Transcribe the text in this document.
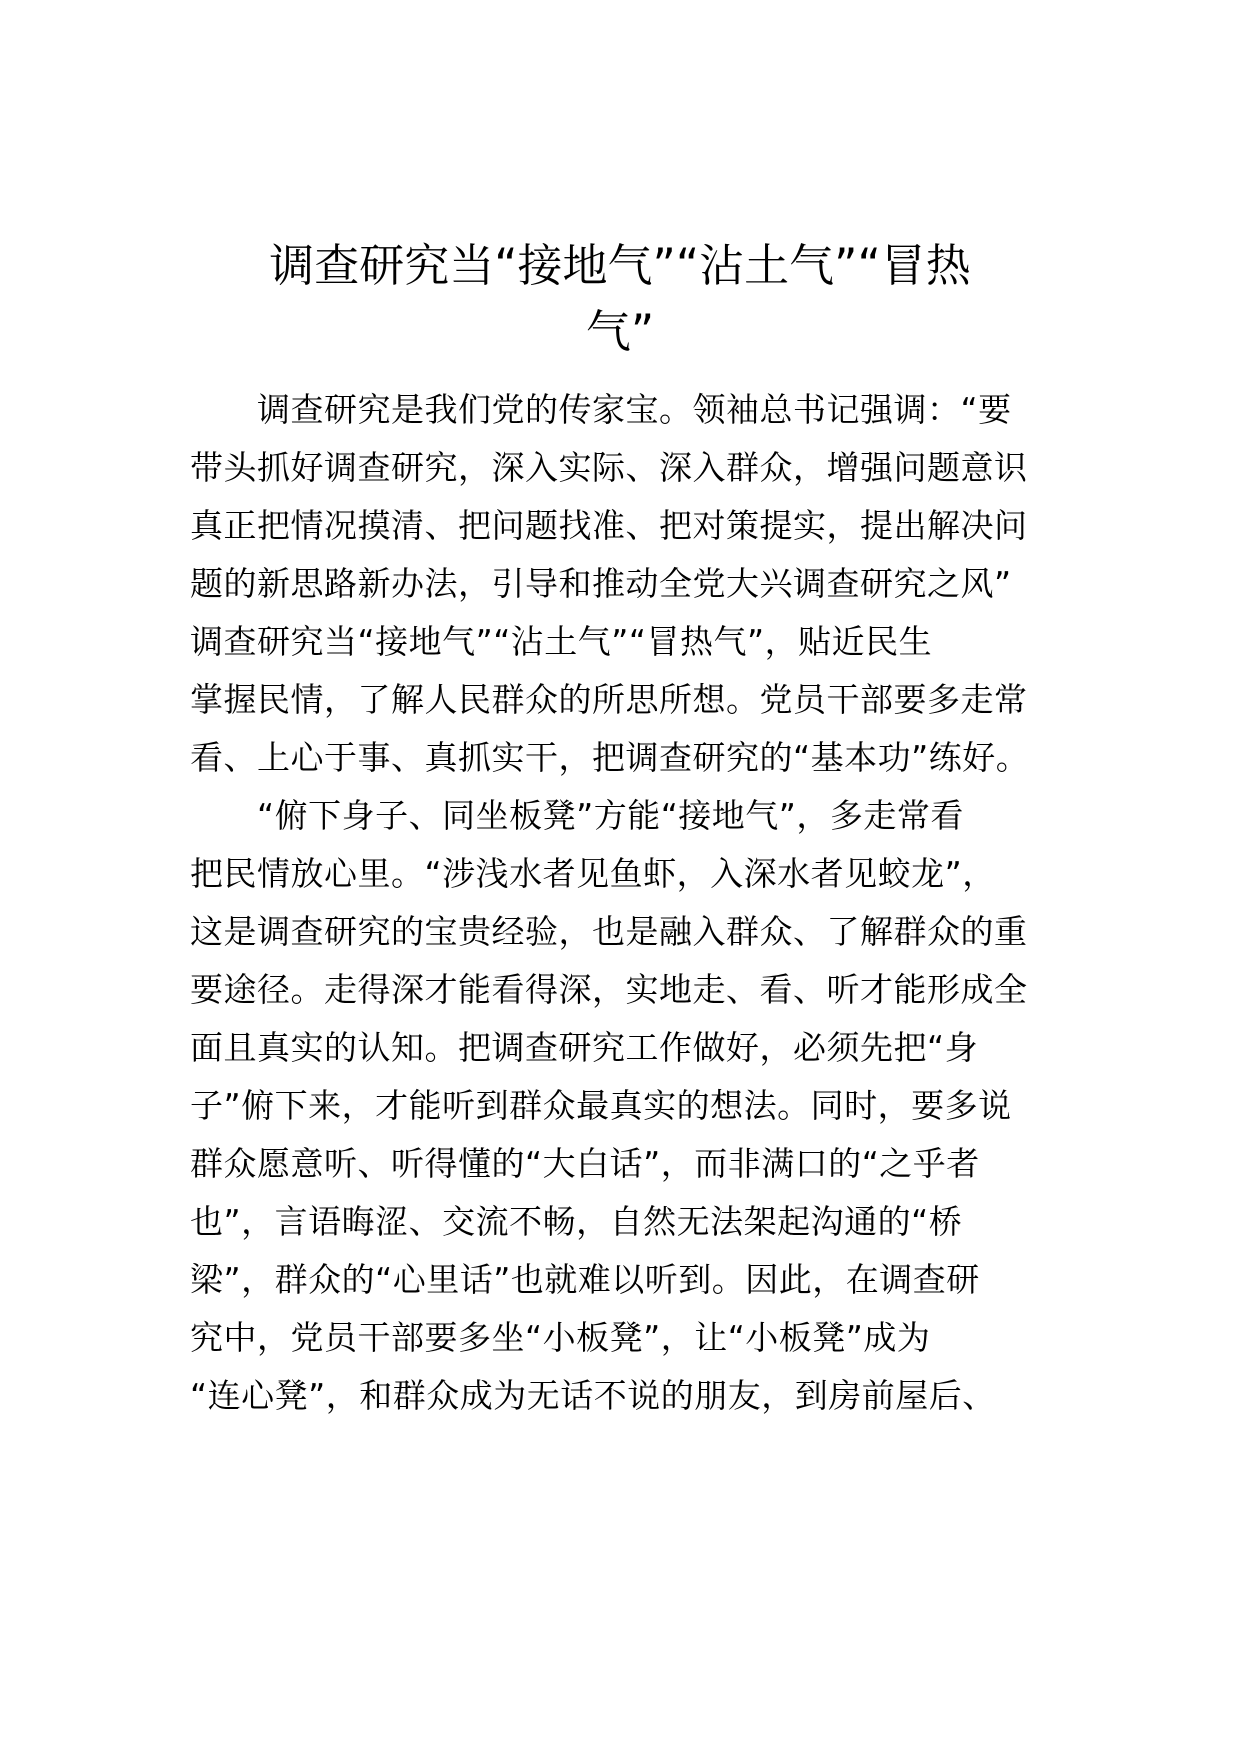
调查研究当“接地气”“沾土气”“冒热
气”
　　调查研究是我们党的传家宝。领袖总书记强调：“要
带头抓好调查研究，深入实际、深入群众，增强问题意识
真正把情况摸清、把问题找准、把对策提实，提出解决问
题的新思路新办法，引导和推动全党大兴调查研究之风”
调查研究当“接地气”“沾土气”“冒热气”，贴近民生
掌握民情，了解人民群众的所思所想。党员干部要多走常
看、上心于事、真抓实干，把调查研究的“基本功”练好。
　　“俯下身子、同坐板凳”方能“接地气”，多走常看
把民情放心里。“涉浅水者见鱼虾，入深水者见蛟龙”，
这是调查研究的宝贵经验，也是融入群众、了解群众的重
要途径。走得深才能看得深，实地走、看、听才能形成全
面且真实的认知。把调查研究工作做好，必须先把“身
子”俯下来，才能听到群众最真实的想法。同时，要多说
群众愿意听、听得懂的“大白话”，而非满口的“之乎者
也”，言语晦涩、交流不畅，自然无法架起沟通的“桥
梁”，群众的“心里话”也就难以听到。因此，在调查研
究中，党员干部要多坐“小板凳”，让“小板凳”成为
“连心凳”，和群众成为无话不说的朋友，到房前屋后、
